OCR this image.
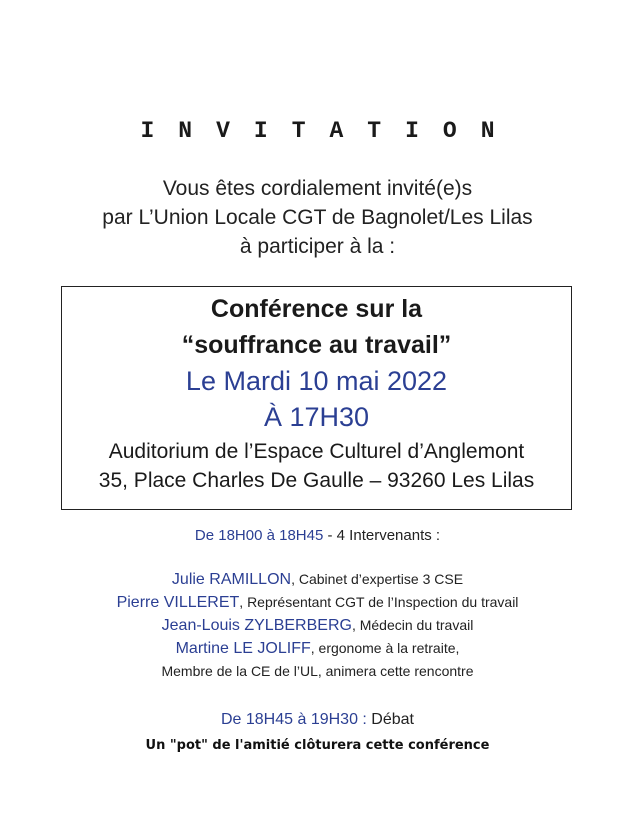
INVITATION
Vous êtes cordialement invité(e)s
par L’Union Locale CGT de Bagnolet/Les Lilas
à participer à la :
Conférence sur la
“souffrance au travail”
Le Mardi 10 mai 2022
À 17H30
Auditorium de l’Espace Culturel d’Anglemont
35, Place Charles De Gaulle – 93260 Les Lilas
De 18H00 à 18H45 - 4 Intervenants :
Julie RAMILLON, Cabinet d’expertise 3 CSE
Pierre VILLERET, Représentant CGT de l’Inspection du travail
Jean-Louis ZYLBERBERG, Médecin du travail
Martine LE JOLIFF, ergonome à la retraite,
Membre de la CE de l’UL, animera cette rencontre
De 18H45 à 19H30 : Débat
Un "pot" de l'amitié clôturera cette conférence
